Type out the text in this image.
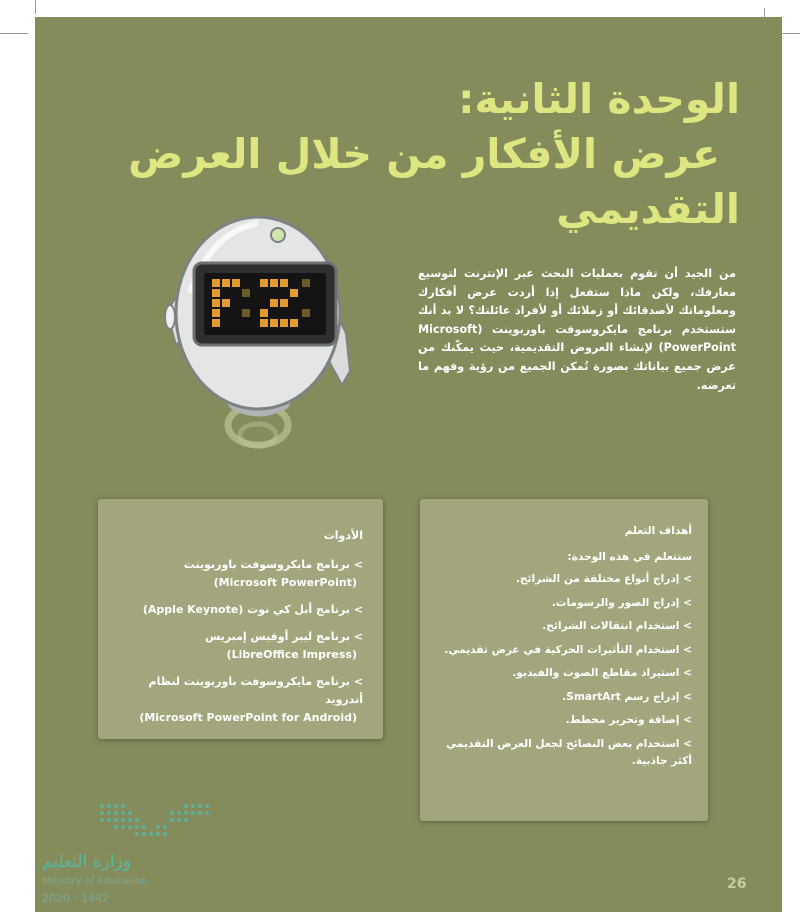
الوحدة الثانية:
عرض الأفكار من خلال العرض
التقديمي
من الجيد أن تقوم بعمليات البحث عبر الإنترنت لتوسيع معارفك، ولكن ماذا ستفعل إذا أردت عرض أفكارك ومعلوماتك لأصدقائك أو زملائك أو لأفراد عائلتك؟ لا بد أنك ستستخدم برنامج مايكروسوفت باوربوينت (Microsoft PowerPoint) لإنشاء العروض التقديمية، حيث يمكّنك من عرض جميع بياناتك بصورة تُمكن الجميع من رؤية وفهم ما تعرضه.
الأدوات
> برنامج مايكروسوفت باوربوينت
(Microsoft PowerPoint)
> برنامج أبل كي نوت (Apple Keynote)
> برنامج ليبر أوفيس إمبريس
(LibreOffice Impress)
> برنامج مايكروسوفت باوربوينت لنظام أندرويد
(Microsoft PowerPoint for Android)
أهداف التعلم
ستتعلم في هذه الوحدة:
> إدراج أنواع مختلفة من الشرائح.
> إدراج الصور والرسومات.
> استخدام انتقالات الشرائح.
> استخدام التأثيرات الحركية في عرض تقديمي.
> استيراد مقاطع الصوت والفيديو.
> إدراج رسم SmartArt.
> إضافة وتحرير مخطط.
> استخدام بعض النصائح لجعل العرض التقديمي أكثر جاذبية.
وزارة التعليم
Ministry of Education
2020 - 1442
26
